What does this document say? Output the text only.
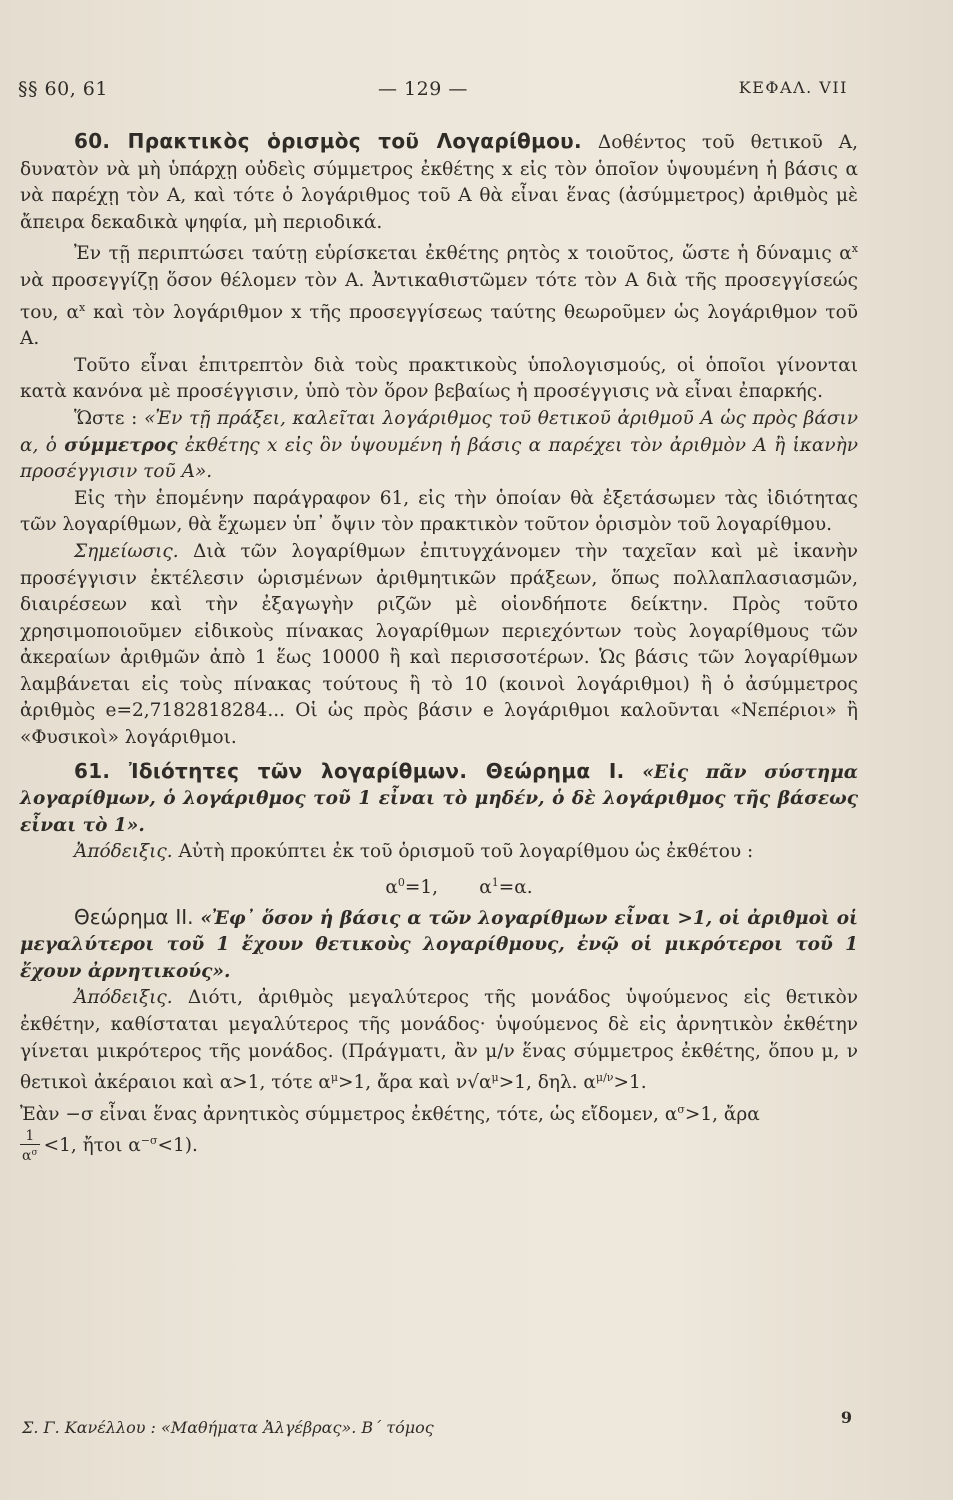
§§ 60, 61	— 129 —	ΚΕΦΑΛ. VII

60. Πρακτικὸς ὁρισμὸς τοῦ Λογαρίθμου. Δοθέντος τοῦ θετικοῦ Α, δυνατὸν νὰ μὴ ὑπάρχῃ οὐδεὶς σύμμετρος ἐκθέτης x εἰς τὸν ὁποῖον ὑψουμένη ἡ βάσις α νὰ παρέχῃ τὸν Α, καὶ τότε ὁ λογάριθμος τοῦ Α θὰ εἶναι ἕνας (ἀσύμμετρος) ἀριθμὸς μὲ ἄπειρα δεκαδικὰ ψηφία, μὴ περιοδικά.

Ἐν τῇ περιπτώσει ταύτῃ εὑρίσκεται ἐκθέτης ρητὸς x τοιοῦτος, ὥστε ἡ δύναμις $\alpha^x$ νὰ προσεγγίζῃ ὅσον θέλομεν τὸν Α. Ἀντικαθιστῶμεν τότε τὸν Α διὰ τῆς προσεγγίσεώς του, $\alpha^x$ καὶ τὸν λογάριθμον x τῆς προσεγγίσεως ταύτης θεωροῦμεν ὡς λογάριθμον τοῦ Α.

Τοῦτο εἶναι ἐπιτρεπτὸν διὰ τοὺς πρακτικοὺς ὑπολογισμούς, οἱ ὁποῖοι γίνονται κατὰ κανόνα μὲ προσέγγισιν, ὑπὸ τὸν ὅρον βεβαίως ἡ προσέγγισις νὰ εἶναι ἐπαρκής.

Ὥστε : «Ἐν τῇ πράξει, καλεῖται λογάριθμος τοῦ θετικοῦ ἀριθμοῦ Α ὡς πρὸς βάσιν α, ὁ σύμμετρος ἐκθέτης x εἰς ὃν ὑψουμένη ἡ βάσις α παρέχει τὸν ἀριθμὸν Α ἢ ἱκανὴν προσέγγισιν τοῦ Α».

Εἰς τὴν ἑπομένην παράγραφον 61, εἰς τὴν ὁποίαν θὰ ἐξετάσωμεν τὰς ἰδιότητας τῶν λογαρίθμων, θὰ ἔχωμεν ὑπ᾿ ὄψιν τὸν πρακτικὸν τοῦτον ὁρισμὸν τοῦ λογαρίθμου.

Σημείωσις. Διὰ τῶν λογαρίθμων ἐπιτυγχάνομεν τὴν ταχεῖαν καὶ μὲ ἱκανὴν προσέγγισιν ἐκτέλεσιν ὡρισμένων ἀριθμητικῶν πράξεων, ὅπως πολλαπλασιασμῶν, διαιρέσεων καὶ τὴν ἐξαγωγὴν ριζῶν μὲ οἱονδήποτε δείκτην. Πρὸς τοῦτο χρησιμοποιοῦμεν εἰδικοὺς πίνακας λογαρίθμων περιεχόντων τοὺς λογαρίθμους τῶν ἀκεραίων ἀριθμῶν ἀπὸ 1 ἕως 10000 ἢ καὶ περισσοτέρων. Ὡς βάσις τῶν λογαρίθμων λαμβάνεται εἰς τοὺς πίνακας τούτους ἢ τὸ 10 (κοινοὶ λογάριθμοι) ἢ ὁ ἀσύμμετρος ἀριθμὸς e=2,7182818284... Οἱ ὡς πρὸς βάσιν e λογάριθμοι καλοῦνται «Νεπέριοι» ἢ «Φυσικοὶ» λογάριθμοι.

61. Ἰδιότητες τῶν λογαρίθμων. Θεώρημα Ι. «Εἰς πᾶν σύστημα λογαρίθμων, ὁ λογάριθμος τοῦ 1 εἶναι τὸ μηδέν, ὁ δὲ λογάριθμος τῆς βάσεως εἶναι τὸ 1».

Ἀπόδειξις. Αὐτὴ προκύπτει ἐκ τοῦ ὁρισμοῦ τοῦ λογαρίθμου ὡς ἐκθέτου :

$\alpha^0=1$, $\alpha^1=\alpha$.

Θεώρημα ΙΙ. «Ἐφ᾿ ὅσον ἡ βάσις α τῶν λογαρίθμων εἶναι >1, οἱ ἀριθμοὶ οἱ μεγαλύτεροι τοῦ 1 ἔχουν θετικοὺς λογαρίθμους, ἐνῷ οἱ μικρότεροι τοῦ 1 ἔχουν ἀρνητικούς».

Ἀπόδειξις. Διότι, ἀριθμὸς μεγαλύτερος τῆς μονάδος ὑψούμενος εἰς θετικὸν ἐκθέτην, καθίσταται μεγαλύτερος τῆς μονάδος· ὑψούμενος δὲ εἰς ἀρνητικὸν ἐκθέτην γίνεται μικρότερος τῆς μονάδος. (Πράγματι, ἂν μ/ν ἕνας σύμμετρος ἐκθέτης, ὅπου μ, ν θετικοὶ ἀκέραιοι καὶ α>1, τότε $\alpha^\mu>1$, ἄρα καὶ $\nu√\alpha^\mu>1$, δηλ. $\alpha^{\mu/\nu}>1$.

Ἐὰν −σ εἶναι ἕνας ἀρνητικὸς σύμμετρος ἐκθέτης, τότε, ὡς εἴδομεν, $\alpha^\sigma>1$, ἄρα

$\frac{1}{\alpha^\sigma} <1$, ἤτοι $\alpha^{-\sigma}<1$).

Σ. Γ. Κανέλλου : «Μαθήματα Ἀλγέβρας». Β΄ τόμος
9
